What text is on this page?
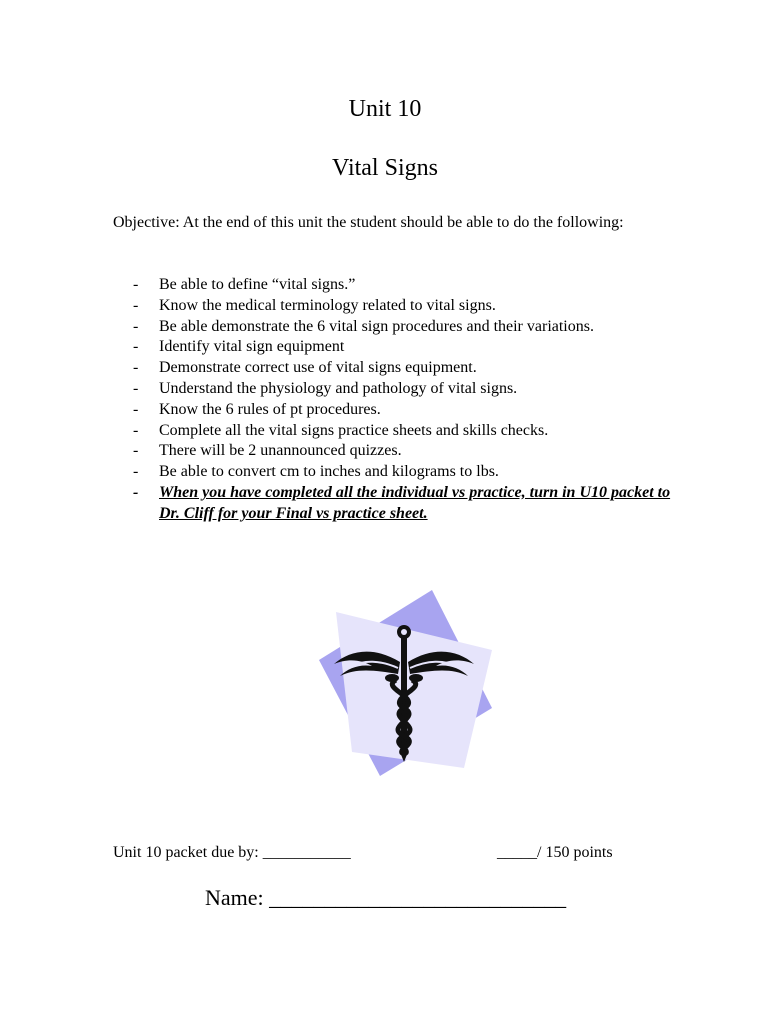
Unit 10
Vital Signs
Objective: At the end of this unit the student should be able to do the following:
- Be able to define “vital signs.”
- Know the medical terminology related to vital signs.
- Be able demonstrate the 6 vital sign procedures and their variations.
- Identify vital sign equipment
- Demonstrate correct use of vital signs equipment.
- Understand the physiology and pathology of vital signs.
- Know the 6 rules of pt procedures.
- Complete all the vital signs practice sheets and skills checks.
- There will be 2 unannounced quizzes.
- Be able to convert cm to inches and kilograms to lbs.
- When you have completed all the individual vs practice, turn in U10 packet to Dr. Cliff for your Final vs practice sheet.
Unit 10 packet due by: ___________	_____/ 150 points
Name: ___________________________
